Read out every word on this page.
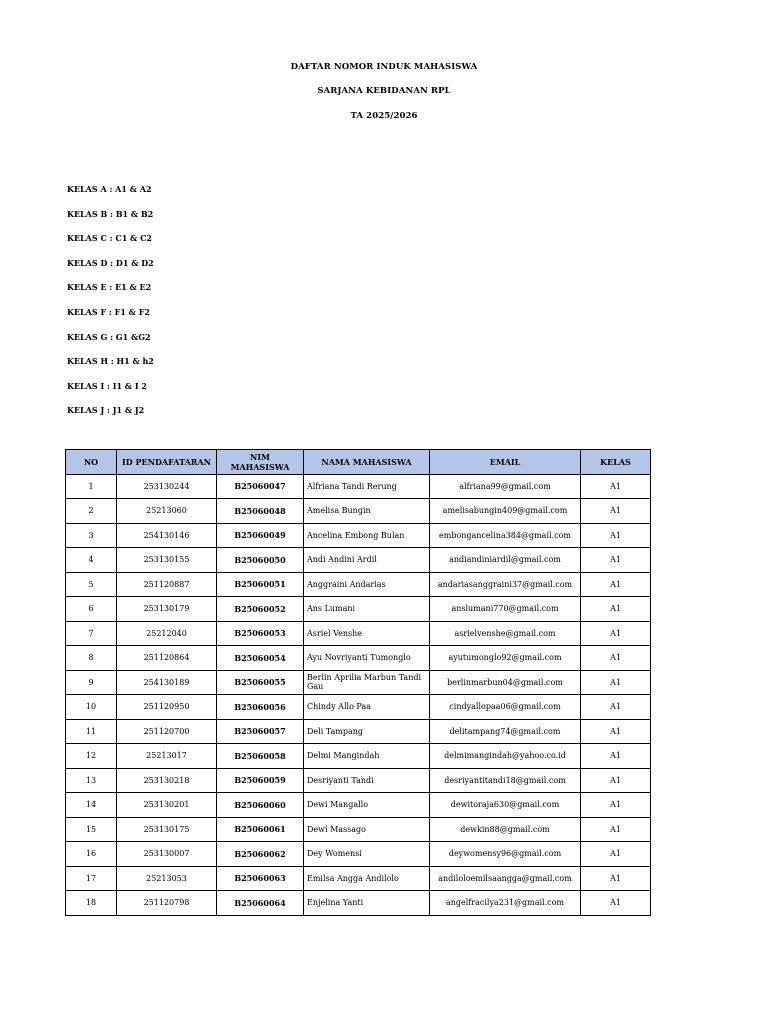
DAFTAR NOMOR INDUK MAHASISWA
SARJANA KEBIDANAN RPL
TA 2025/2026
KELAS A : A1 & A2
KELAS B : B1 & B2
KELAS C : C1 & C2
KELAS D : D1 & D2
KELAS E : E1 & E2
KELAS F : F1 & F2
KELAS G : G1 &G2
KELAS H : H1 & h2
KELAS I : I1 & I 2
KELAS J : J1 & J2
NO	ID PENDAFATARAN	NIM MAHASISWA	NAMA MAHASISWA	EMAIL	KELAS
1	253130244	B25060047	Alfriana Tandi Rerung	alfriana99@gmail.com	A1
2	25213060	B25060048	Amelisa Bungin	amelisabungin409@gmail.com	A1
3	254130146	B25060049	Ancelina Embong Bulan	embongancelina384@gmail.com	A1
4	253130155	B25060050	Andi Andini Ardil	andiandiniardil@gmail.com	A1
5	251120887	B25060051	Anggraini Andarias	andariasanggraini37@gmail.com	A1
6	253130179	B25060052	Ans Lumani	anslumani770@gmail.com	A1
7	25212040	B25060053	Asriel Venshe	asrielvenshe@gmail.com	A1
8	251120864	B25060054	Ayu Novriyanti Tumonglo	ayutumonglo92@gmail.com	A1
9	254130189	B25060055	Berlin Aprilia Marbun Tandi Gau	berlinmarbun04@gmail.com	A1
10	251120950	B25060056	Chindy Allo Paa	cindyallopaa06@gmail.com	A1
11	251120700	B25060057	Deli Tampang	delitampang74@gmail.com	A1
12	25213017	B25060058	Delmi Mangindah	delmimangindah@yahoo.co.id	A1
13	253130218	B25060059	Desriyanti Tandi	desriyantitandi18@gmail.com	A1
14	253130201	B25060060	Dewi Mangallo	dewitoraja630@gmail.com	A1
15	253130175	B25060061	Dewi Massago	dewkin88@gmail.com	A1
16	253130007	B25060062	Dey Womensi	deywomensy96@gmail.com	A1
17	25213053	B25060063	Emilsa Angga Andilolo	andiloloemilsaangga@gmail.com	A1
18	251120798	B25060064	Enjelina Yanti	angelfracilya231@gmail.com	A1
